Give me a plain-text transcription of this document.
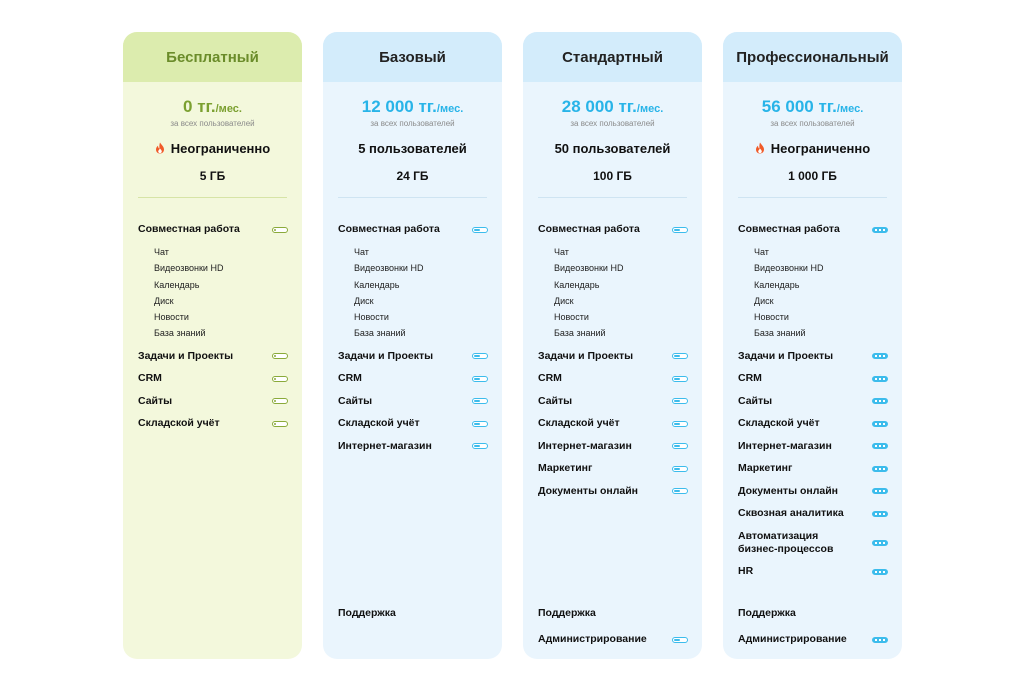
Бесплатный
0 тг./мес.
за всех пользователей
Неограниченно
5 ГБ
Совместная работа
Чат
Видеозвонки HD
Календарь
Диск
Новости
База знаний
Задачи и Проекты
CRM
Сайты
Складской учёт
Базовый
12 000 тг./мес.
за всех пользователей
5 пользователей
24 ГБ
Совместная работа
Чат
Видеозвонки HD
Календарь
Диск
Новости
База знаний
Задачи и Проекты
CRM
Сайты
Складской учёт
Интернет-магазин
Поддержка
Стандартный
28 000 тг./мес.
за всех пользователей
50 пользователей
100 ГБ
Совместная работа
Чат
Видеозвонки HD
Календарь
Диск
Новости
База знаний
Задачи и Проекты
CRM
Сайты
Складской учёт
Интернет-магазин
Маркетинг
Документы онлайн
Поддержка
Администрирование
Профессиональный
56 000 тг./мес.
за всех пользователей
Неограниченно
1 000 ГБ
Совместная работа
Чат
Видеозвонки HD
Календарь
Диск
Новости
База знаний
Задачи и Проекты
CRM
Сайты
Складской учёт
Интернет-магазин
Маркетинг
Документы онлайн
Сквозная аналитика
Автоматизация бизнес-процессов
HR
Поддержка
Администрирование
